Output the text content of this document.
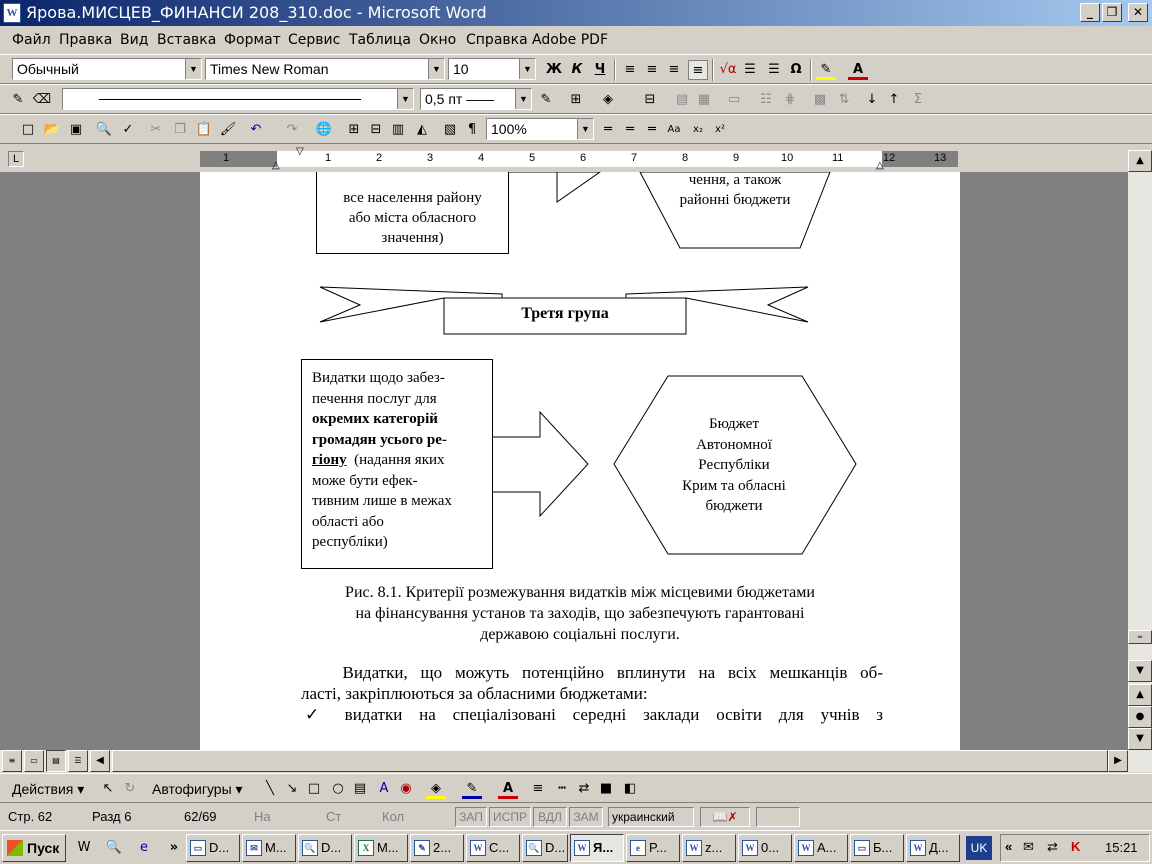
W Ярова.МИСЦЕВ_ФИНАНСИ 208_310.doc - Microsoft Word	_	❐	✕
Файл Правка Вид Вставка Формат Сервис Таблица Окно Справка Adobe PDF
Обычный	▼ Times New Roman	▼ 10	▼ Ж К Ч	≡ ≡ ≡	≡	√α ☰ ☰ Ω	✎	A
✎ ⌫	▼	0,5 пт ——	▼ ✎	⊞	◈	⊟	▤ ▦ ▭	☷ ⋕	▩ ⇅	↓ ↑	Σ
□ 📂 ▣ 🔍 ✓	✂ ❐ 📋 🖌	↶	↷	🌐	⊞ ⊟ ▥ ◭	▧ ¶	100%	▼	═	═	═	Aa	x₂	x²
L	1	1	2	3	4	5	6	7	8	9	10	11	12	13
▽
△	△
все населення району
або міста обласного
значення)
чення, а також
районні бюджети
Третя група
Видатки щодо забез-
печення послуг для
окремих категорій
громадян усього ре-
гіону (надання яких
може бути ефек-
тивним лише в межах
області або
республіки)
Бюджет
Автономної
Республіки
Крим та обласні
бюджети
Рис. 8.1. Критерії розмежування видатків між місцевими бюджетами
на фінансування установ та заходів, що забезпечують гарантовані
державою соціальні послуги.
Видатки, що можуть потенційно вплинути на всіх мешканців об-
ласті, закріплюються за обласними бюджетами:
✓ видатки на спеціалізовані середні заклади освіти для учнів з
▲
═
▼
▲
●
▼
≡	▭	▤	☰	◀	▶
Действия ▾	↖ ↻	Автофигуры ▾	╲ ↘ □ ○ ▤	A ◉	◈	✎	A	≡	┅ ⇄ ■ ◧
Стр. 62	Разд 6	62/69	На	Ст	Кол	ЗАП ИСПР ВДЛ ЗАМ	украинский	📖✗
Пуск	W 🔍	e	»	▭ D...	✉ M...	🔍 D...	X M...	✎ 2...	W C...	🔍 D...	W Я...	e P...	W z...	W 0...	W A...	▭ Б...	W Д...	UK	« ✉ ⇄ K 15:21
